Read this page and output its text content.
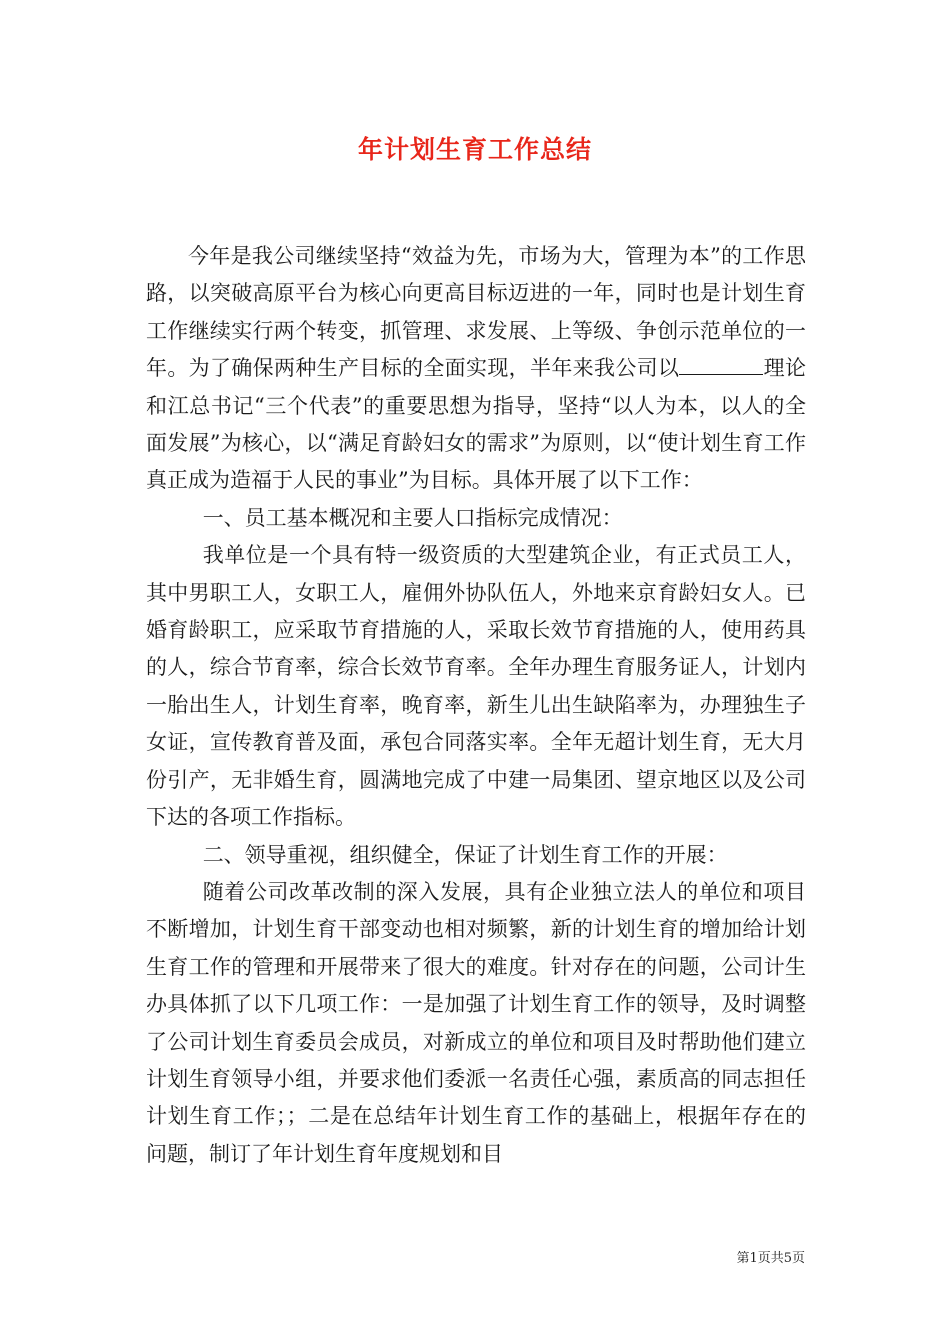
年计划生育工作总结

今年是我公司继续坚持“效益为先，市场为大，管理为本”的工作思路，以突破高原平台为核心向更高目标迈进的一年，同时也是计划生育工作继续实行两个转变，抓管理、求发展、上等级、争创示范单位的一年。为了确保两种生产目标的全面实现，半年来我公司以	理论和江总书记“三个代表”的重要思想为指导，坚持“以人为本，以人的全面发展”为核心，以“满足育龄妇女的需求”为原则，以“使计划生育工作真正成为造福于人民的事业”为目标。具体开展了以下工作：

一、员工基本概况和主要人口指标完成情况：

我单位是一个具有特一级资质的大型建筑企业，有正式员工人，其中男职工人，女职工人，雇佣外协队伍人，外地来京育龄妇女人。已婚育龄职工，应采取节育措施的人，采取长效节育措施的人，使用药具的人，综合节育率，综合长效节育率。全年办理生育服务证人，计划内一胎出生人，计划生育率，晚育率，新生儿出生缺陷率为，办理独生子女证，宣传教育普及面，承包合同落实率。全年无超计划生育，无大月份引产，无非婚生育，圆满地完成了中建一局集团、望京地区以及公司下达的各项工作指标。

二、领导重视，组织健全，保证了计划生育工作的开展：

随着公司改革改制的深入发展，具有企业独立法人的单位和项目不断增加，计划生育干部变动也相对频繁，新的计划生育的增加给计划生育工作的管理和开展带来了很大的难度。针对存在的问题，公司计生办具体抓了以下几项工作：一是加强了计划生育工作的领导，及时调整了公司计划生育委员会成员，对新成立的单位和项目及时帮助他们建立计划生育领导小组，并要求他们委派一名责任心强，素质高的同志担任计划生育工作；；二是在总结年计划生育工作的基础上，根据年存在的问题，制订了年计划生育年度规划和目

第1页共5页
